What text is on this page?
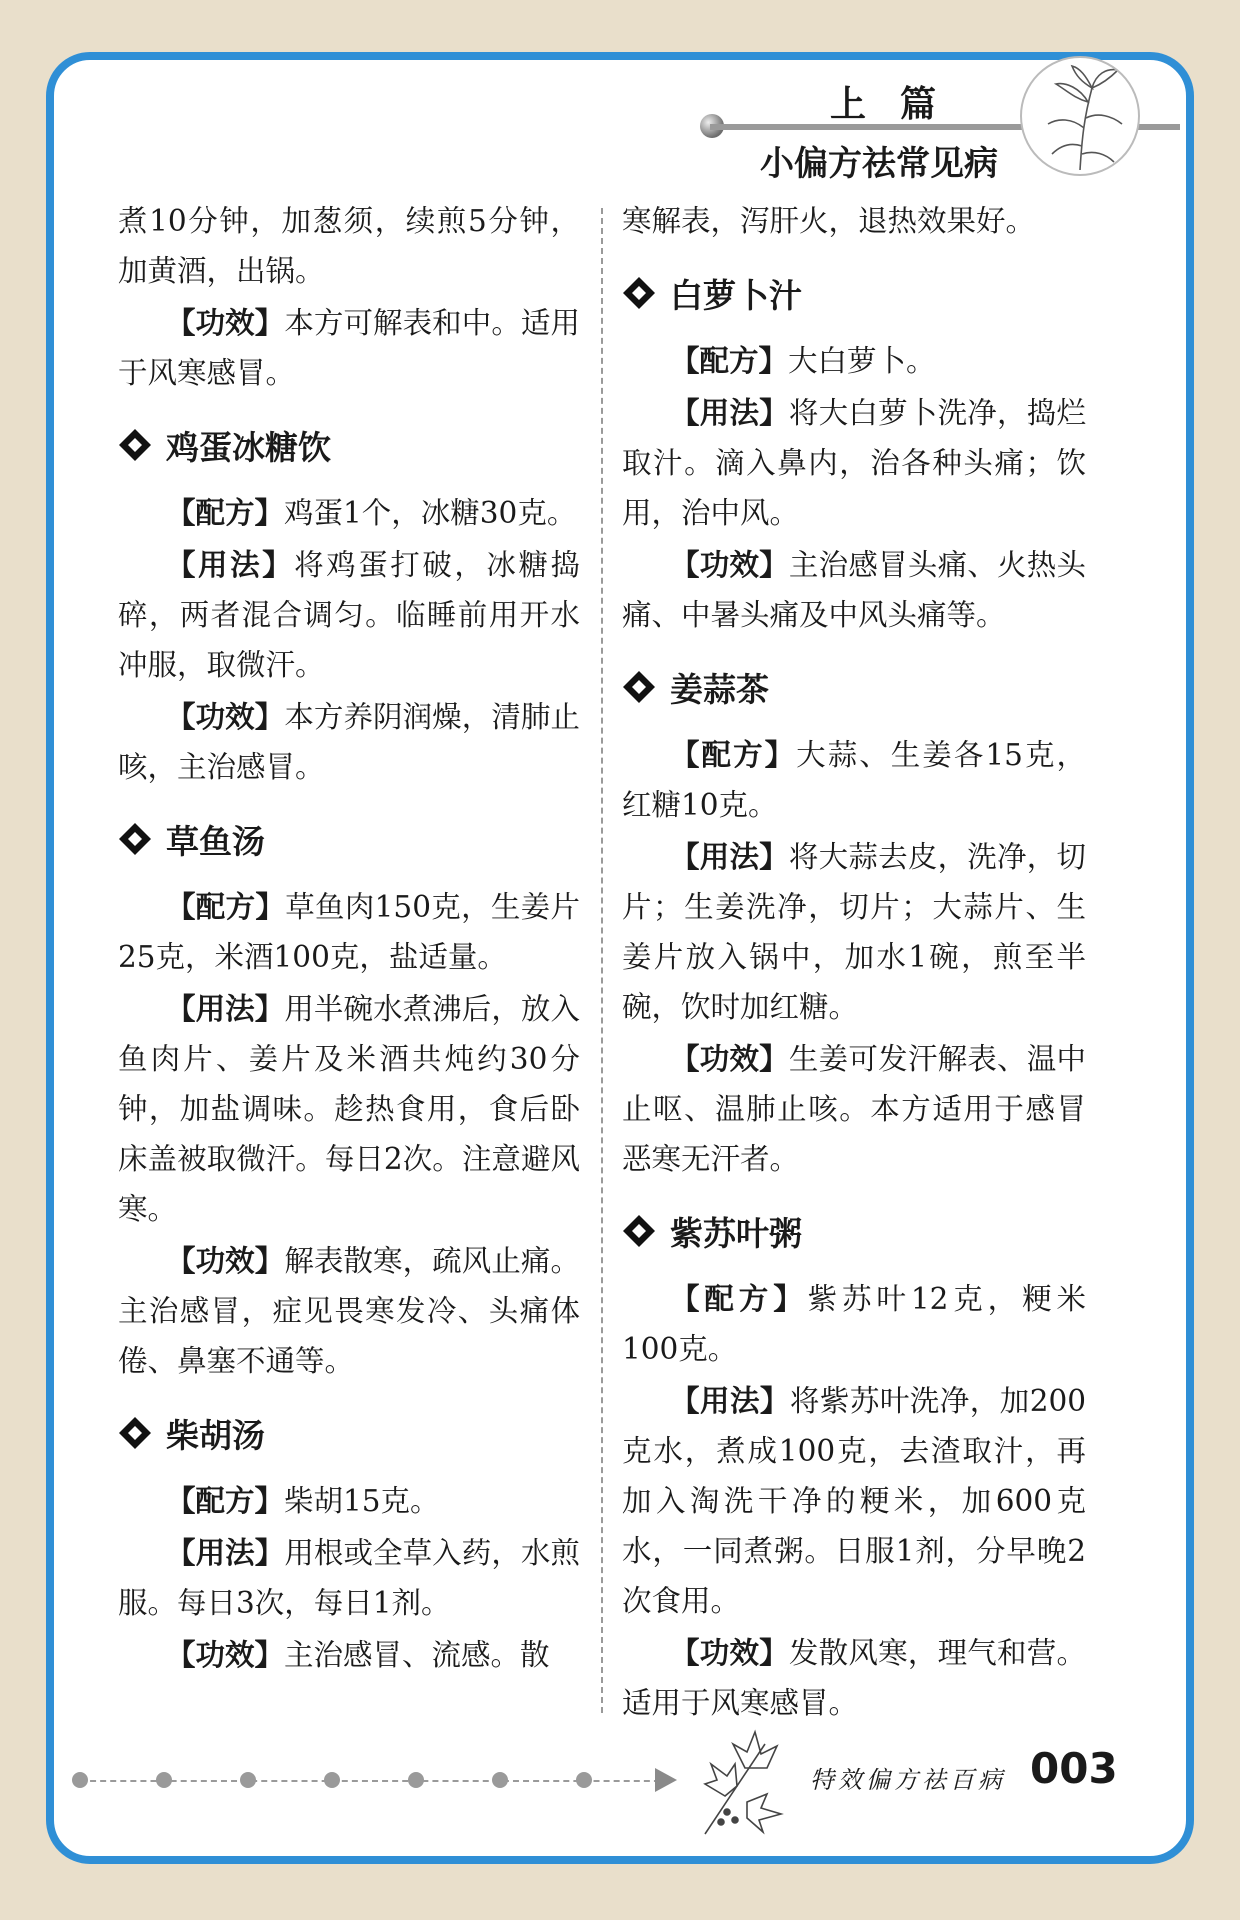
上篇
小偏方祛常见病

煮10分钟，加葱须，续煎5分钟，加黄酒，出锅。

【功效】本方可解表和中。适用于风寒感冒。

鸡蛋冰糖饮

【配方】鸡蛋1个，冰糖30克。

【用法】将鸡蛋打破，冰糖捣碎，两者混合调匀。临睡前用开水冲服，取微汗。

【功效】本方养阴润燥，清肺止咳，主治感冒。

草鱼汤

【配方】草鱼肉150克，生姜片25克，米酒100克，盐适量。

【用法】用半碗水煮沸后，放入鱼肉片、姜片及米酒共炖约30分钟，加盐调味。趁热食用，食后卧床盖被取微汗。每日2次。注意避风寒。

【功效】解表散寒，疏风止痛。主治感冒，症见畏寒发冷、头痛体倦、鼻塞不通等。

柴胡汤

【配方】柴胡15克。

【用法】用根或全草入药，水煎服。每日3次，每日1剂。

【功效】主治感冒、流感。散

寒解表，泻肝火，退热效果好。

白萝卜汁

【配方】大白萝卜。

【用法】将大白萝卜洗净，捣烂取汁。滴入鼻内，治各种头痛；饮用，治中风。

【功效】主治感冒头痛、火热头痛、中暑头痛及中风头痛等。

姜蒜茶

【配方】大蒜、生姜各15克，红糖10克。

【用法】将大蒜去皮，洗净，切片；生姜洗净，切片；大蒜片、生姜片放入锅中，加水1碗，煎至半碗，饮时加红糖。

【功效】生姜可发汗解表、温中止呕、温肺止咳。本方适用于感冒恶寒无汗者。

紫苏叶粥

【配方】紫苏叶12克，粳米100克。

【用法】将紫苏叶洗净，加200克水，煮成100克，去渣取汁，再加入淘洗干净的粳米，加600克水，一同煮粥。日服1剂，分早晚2次食用。

【功效】发散风寒，理气和营。适用于风寒感冒。

特效偏方祛百病 003
